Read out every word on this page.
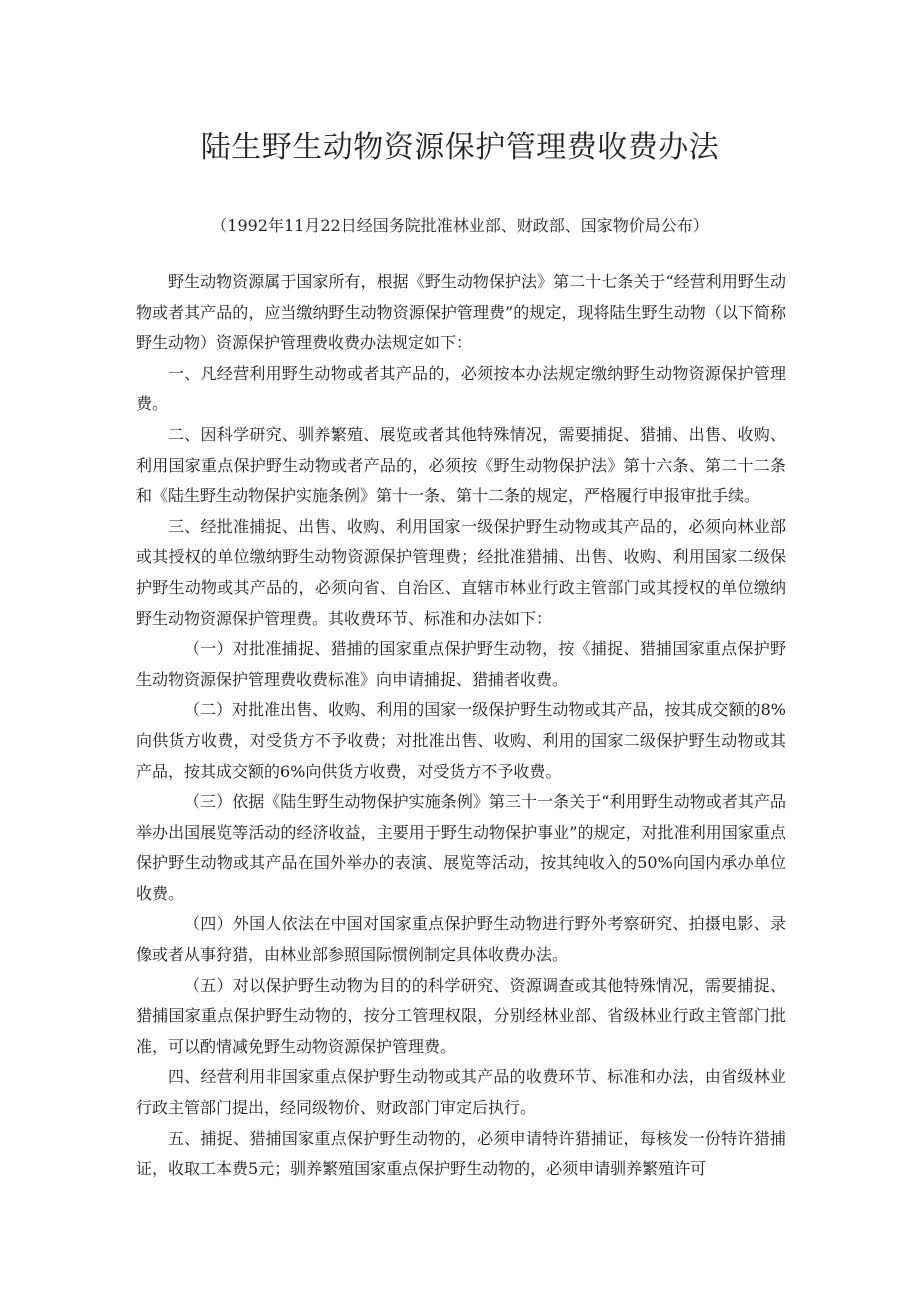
陆生野生动物资源保护管理费收费办法
（1992年11月22日经国务院批准林业部、财政部、国家物价局公布）

野生动物资源属于国家所有，根据《野生动物保护法》第二十七条关于“经营利用野生动物或者其产品的，应当缴纳野生动物资源保护管理费”的规定，现将陆生野生动物（以下简称野生动物）资源保护管理费收费办法规定如下：

一、凡经营利用野生动物或者其产品的，必须按本办法规定缴纳野生动物资源保护管理费。

二、因科学研究、驯养繁殖、展览或者其他特殊情况，需要捕捉、猎捕、出售、收购、利用国家重点保护野生动物或者产品的，必须按《野生动物保护法》第十六条、第二十二条和《陆生野生动物保护实施条例》第十一条、第十二条的规定，严格履行申报审批手续。

三、经批准捕捉、出售、收购、利用国家一级保护野生动物或其产品的，必须向林业部或其授权的单位缴纳野生动物资源保护管理费；经批准猎捕、出售、收购、利用国家二级保护野生动物或其产品的，必须向省、自治区、直辖市林业行政主管部门或其授权的单位缴纳野生动物资源保护管理费。其收费环节、标准和办法如下：

（一）对批准捕捉、猎捕的国家重点保护野生动物，按《捕捉、猎捕国家重点保护野生动物资源保护管理费收费标准》向申请捕捉、猎捕者收费。

（二）对批准出售、收购、利用的国家一级保护野生动物或其产品，按其成交额的8%向供货方收费，对受货方不予收费；对批准出售、收购、利用的国家二级保护野生动物或其产品，按其成交额的6%向供货方收费，对受货方不予收费。

（三）依据《陆生野生动物保护实施条例》第三十一条关于“利用野生动物或者其产品举办出国展览等活动的经济收益，主要用于野生动物保护事业”的规定，对批准利用国家重点保护野生动物或其产品在国外举办的表演、展览等活动，按其纯收入的50%向国内承办单位收费。

（四）外国人依法在中国对国家重点保护野生动物进行野外考察研究、拍摄电影、录像或者从事狩猎，由林业部参照国际惯例制定具体收费办法。

（五）对以保护野生动物为目的的科学研究、资源调查或其他特殊情况，需要捕捉、猎捕国家重点保护野生动物的，按分工管理权限，分别经林业部、省级林业行政主管部门批准，可以酌情减免野生动物资源保护管理费。

四、经营利用非国家重点保护野生动物或其产品的收费环节、标准和办法，由省级林业行政主管部门提出，经同级物价、财政部门审定后执行。

五、捕捉、猎捕国家重点保护野生动物的，必须申请特许猎捕证，每核发一份特许猎捕证，收取工本费5元；驯养繁殖国家重点保护野生动物的，必须申请驯养繁殖许可
